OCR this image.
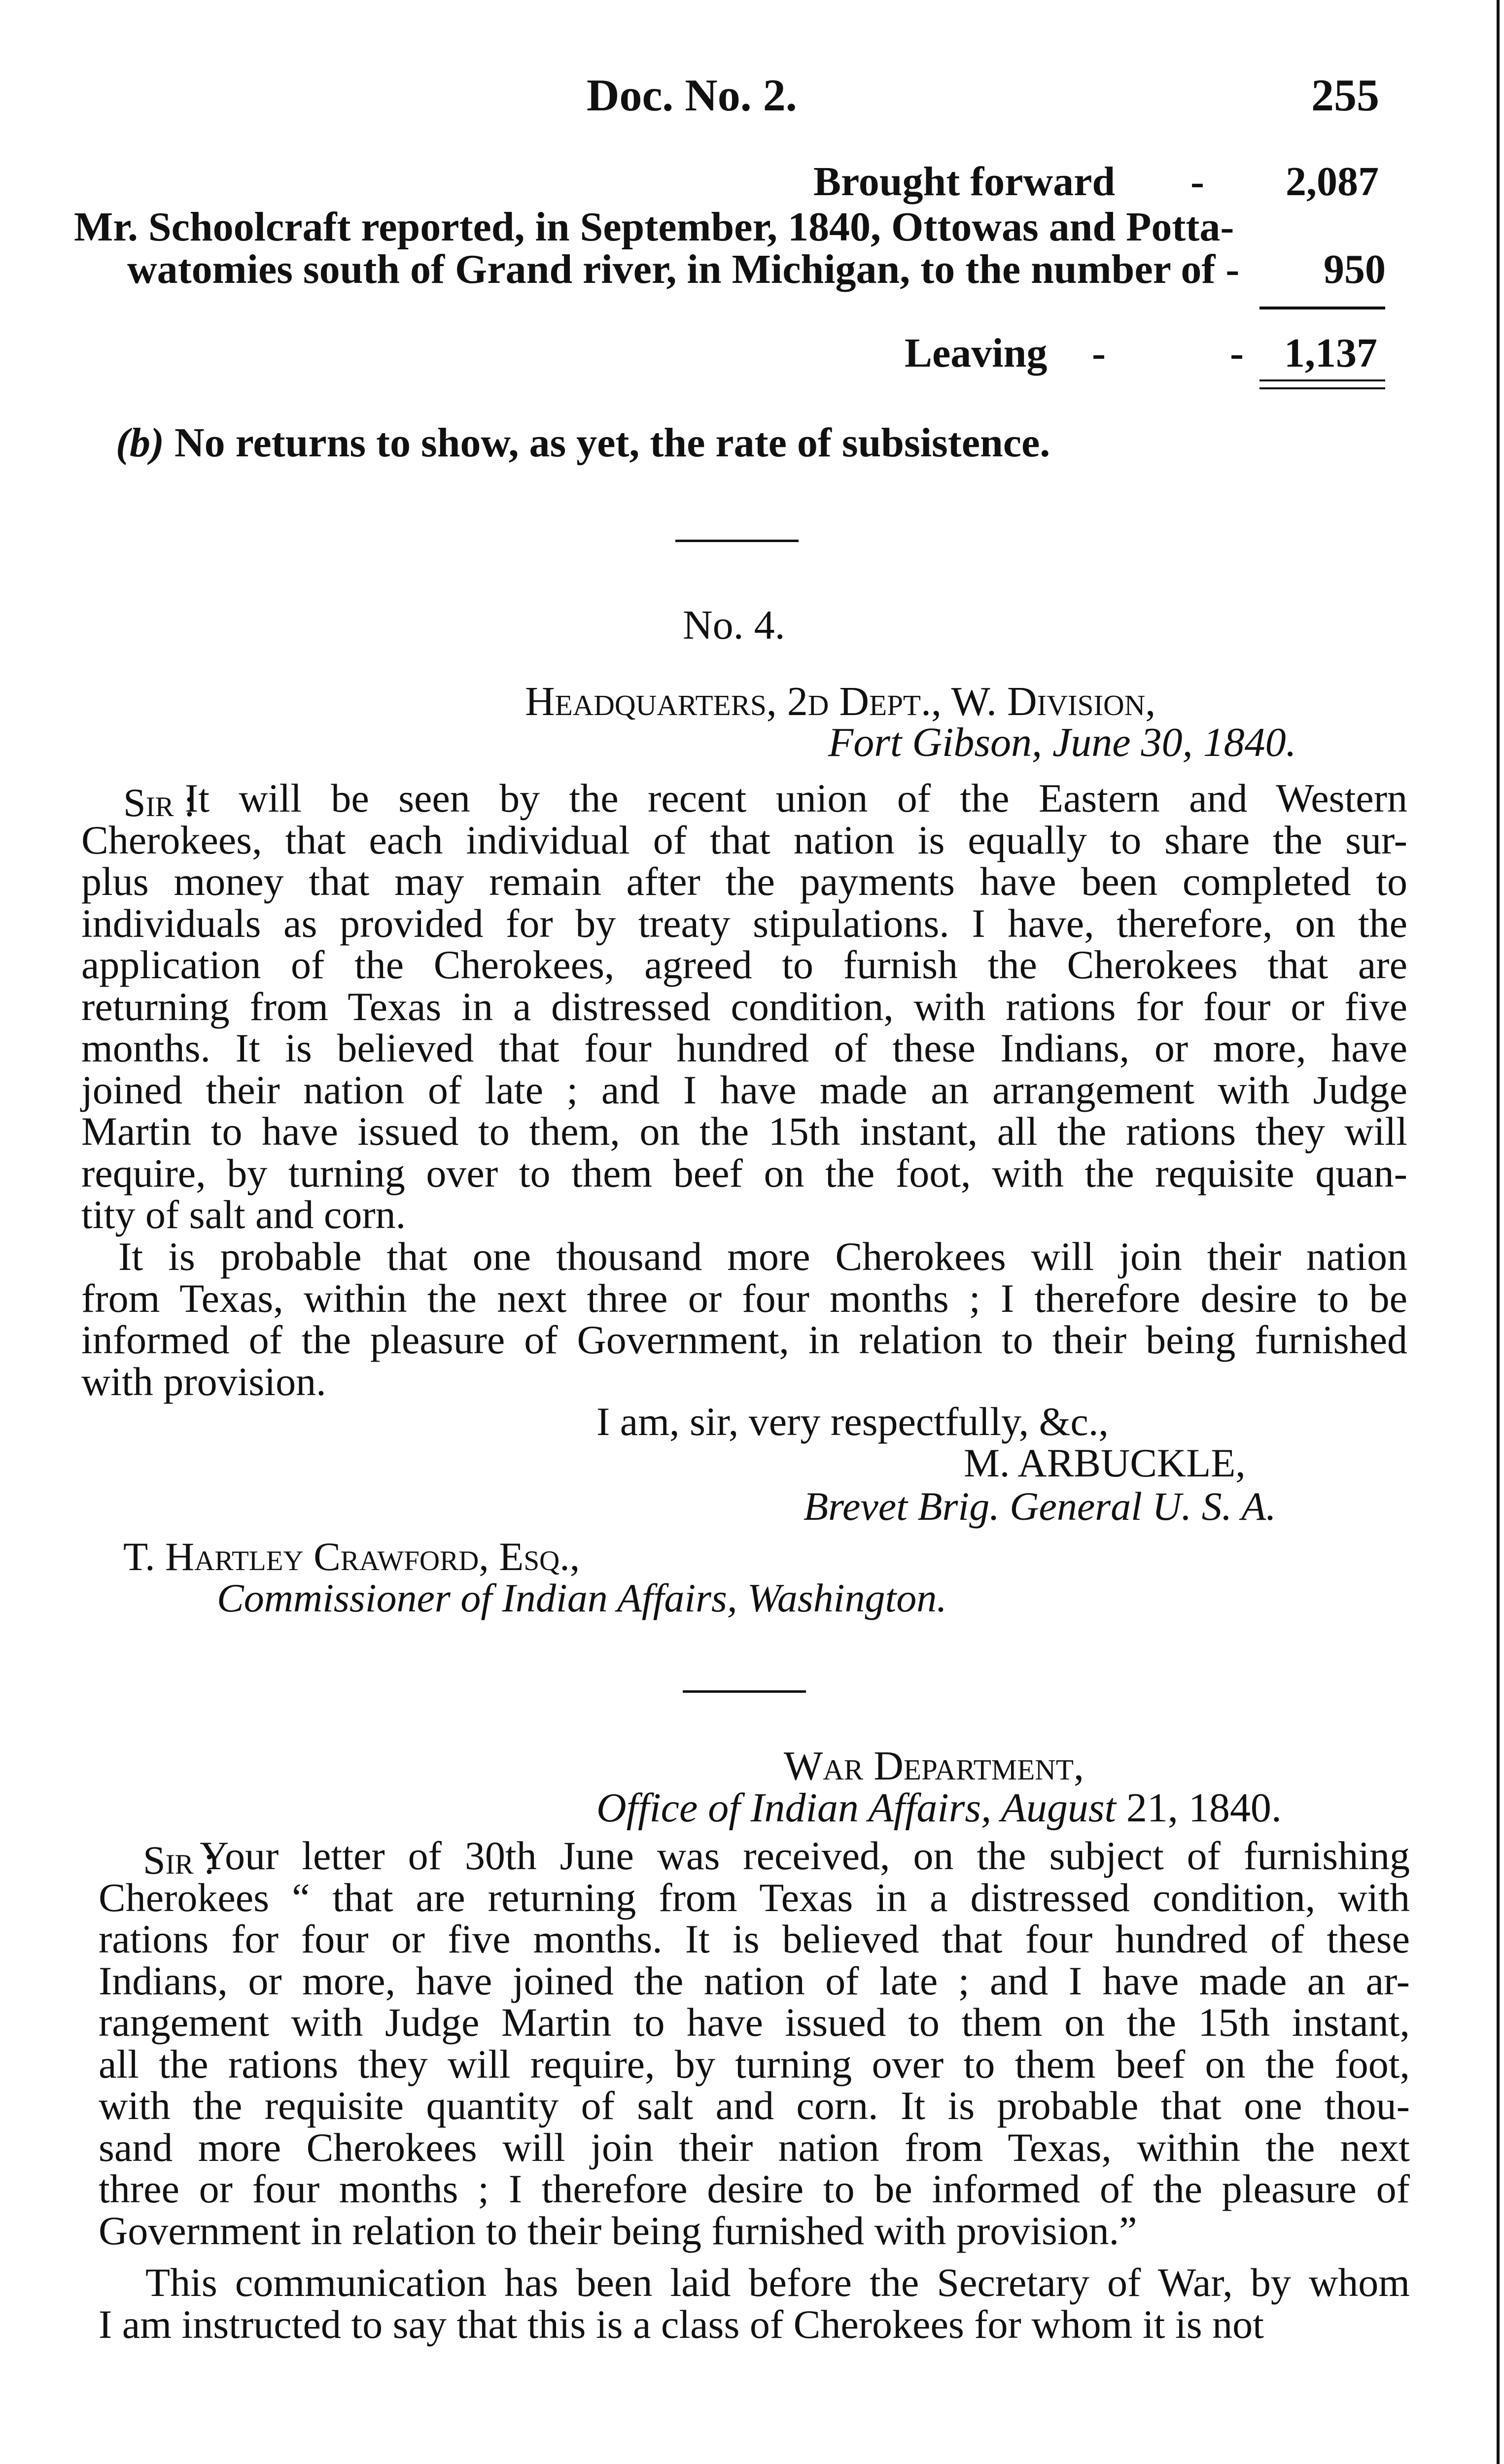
Doc. No. 2.	255
Brought forward - 2,087
Mr. Schoolcraft reported, in September, 1840, Ottowas and Potta-
watomies south of Grand river, in Michigan, to the number of - 950
Leaving -	- 1,137
(b) No returns to show, as yet, the rate of subsistence.
No. 4.
Headquarters, 2d Dept., W. Division,
Fort Gibson, June 30, 1840.
Sir :
It will be seen by the recent union of the Eastern and Western
Cherokees, that each individual of that nation is equally to share the sur-
plus money that may remain after the payments have been completed to
individuals as provided for by treaty stipulations. I have, therefore, on the
application of the Cherokees, agreed to furnish the Cherokees that are
returning from Texas in a distressed condition, with rations for four or five
months. It is believed that four hundred of these Indians, or more, have
joined their nation of late ; and I have made an arrangement with Judge
Martin to have issued to them, on the 15th instant, all the rations they will
require, by turning over to them beef on the foot, with the requisite quan-
tity of salt and corn.
It is probable that one thousand more Cherokees will join their nation
from Texas, within the next three or four months ; I therefore desire to be
informed of the pleasure of Government, in relation to their being furnished
with provision.
I am, sir, very respectfully, &c.,
M. ARBUCKLE,
Brevet Brig. General U. S. A.
T. Hartley Crawford, Esq.,
Commissioner of Indian Affairs, Washington.
War Department,
Office of Indian Affairs, August 21, 1840.
Sir :
Your letter of 30th June was received, on the subject of furnishing
Cherokees “ that are returning from Texas in a distressed condition, with
rations for four or five months. It is believed that four hundred of these
Indians, or more, have joined the nation of late ; and I have made an ar-
rangement with Judge Martin to have issued to them on the 15th instant,
all the rations they will require, by turning over to them beef on the foot,
with the requisite quantity of salt and corn. It is probable that one thou-
sand more Cherokees will join their nation from Texas, within the next
three or four months ; I therefore desire to be informed of the pleasure of
Government in relation to their being furnished with provision.”
This communication has been laid before the Secretary of War, by whom
I am instructed to say that this is a class of Cherokees for whom it is not
